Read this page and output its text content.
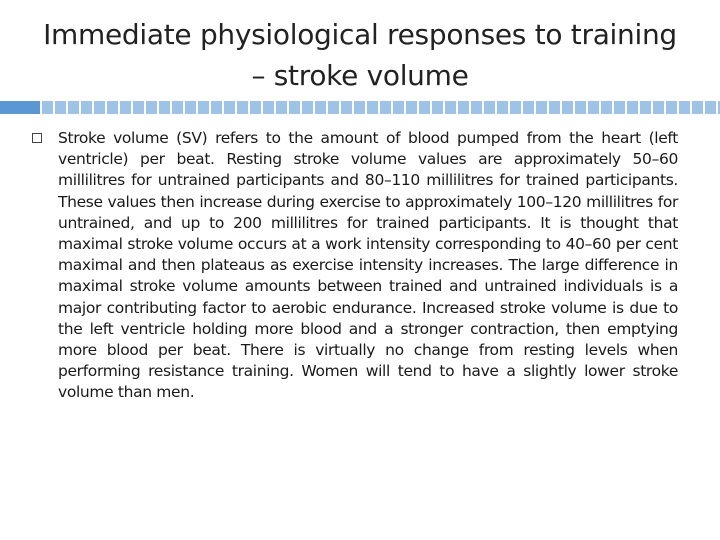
Immediate physiological responses to training
– stroke volume

Stroke volume (SV) refers to the amount of blood pumped from the heart (left ventricle) per beat. Resting stroke volume values are approximately 50–60 millilitres for untrained participants and 80–110 millilitres for trained participants. These values then increase during exercise to approximately 100–120 millilitres for untrained, and up to 200 millilitres for trained participants. It is thought that maximal stroke volume occurs at a work intensity corresponding to 40–60 per cent maximal and then plateaus as exercise intensity increases. The large difference in maximal stroke volume amounts between trained and untrained individuals is a major contributing factor to aerobic endurance. Increased stroke volume is due to the left ventricle holding more blood and a stronger contraction, then emptying more blood per beat. There is virtually no change from resting levels when performing resistance training. Women will tend to have a slightly lower stroke volume than men.
